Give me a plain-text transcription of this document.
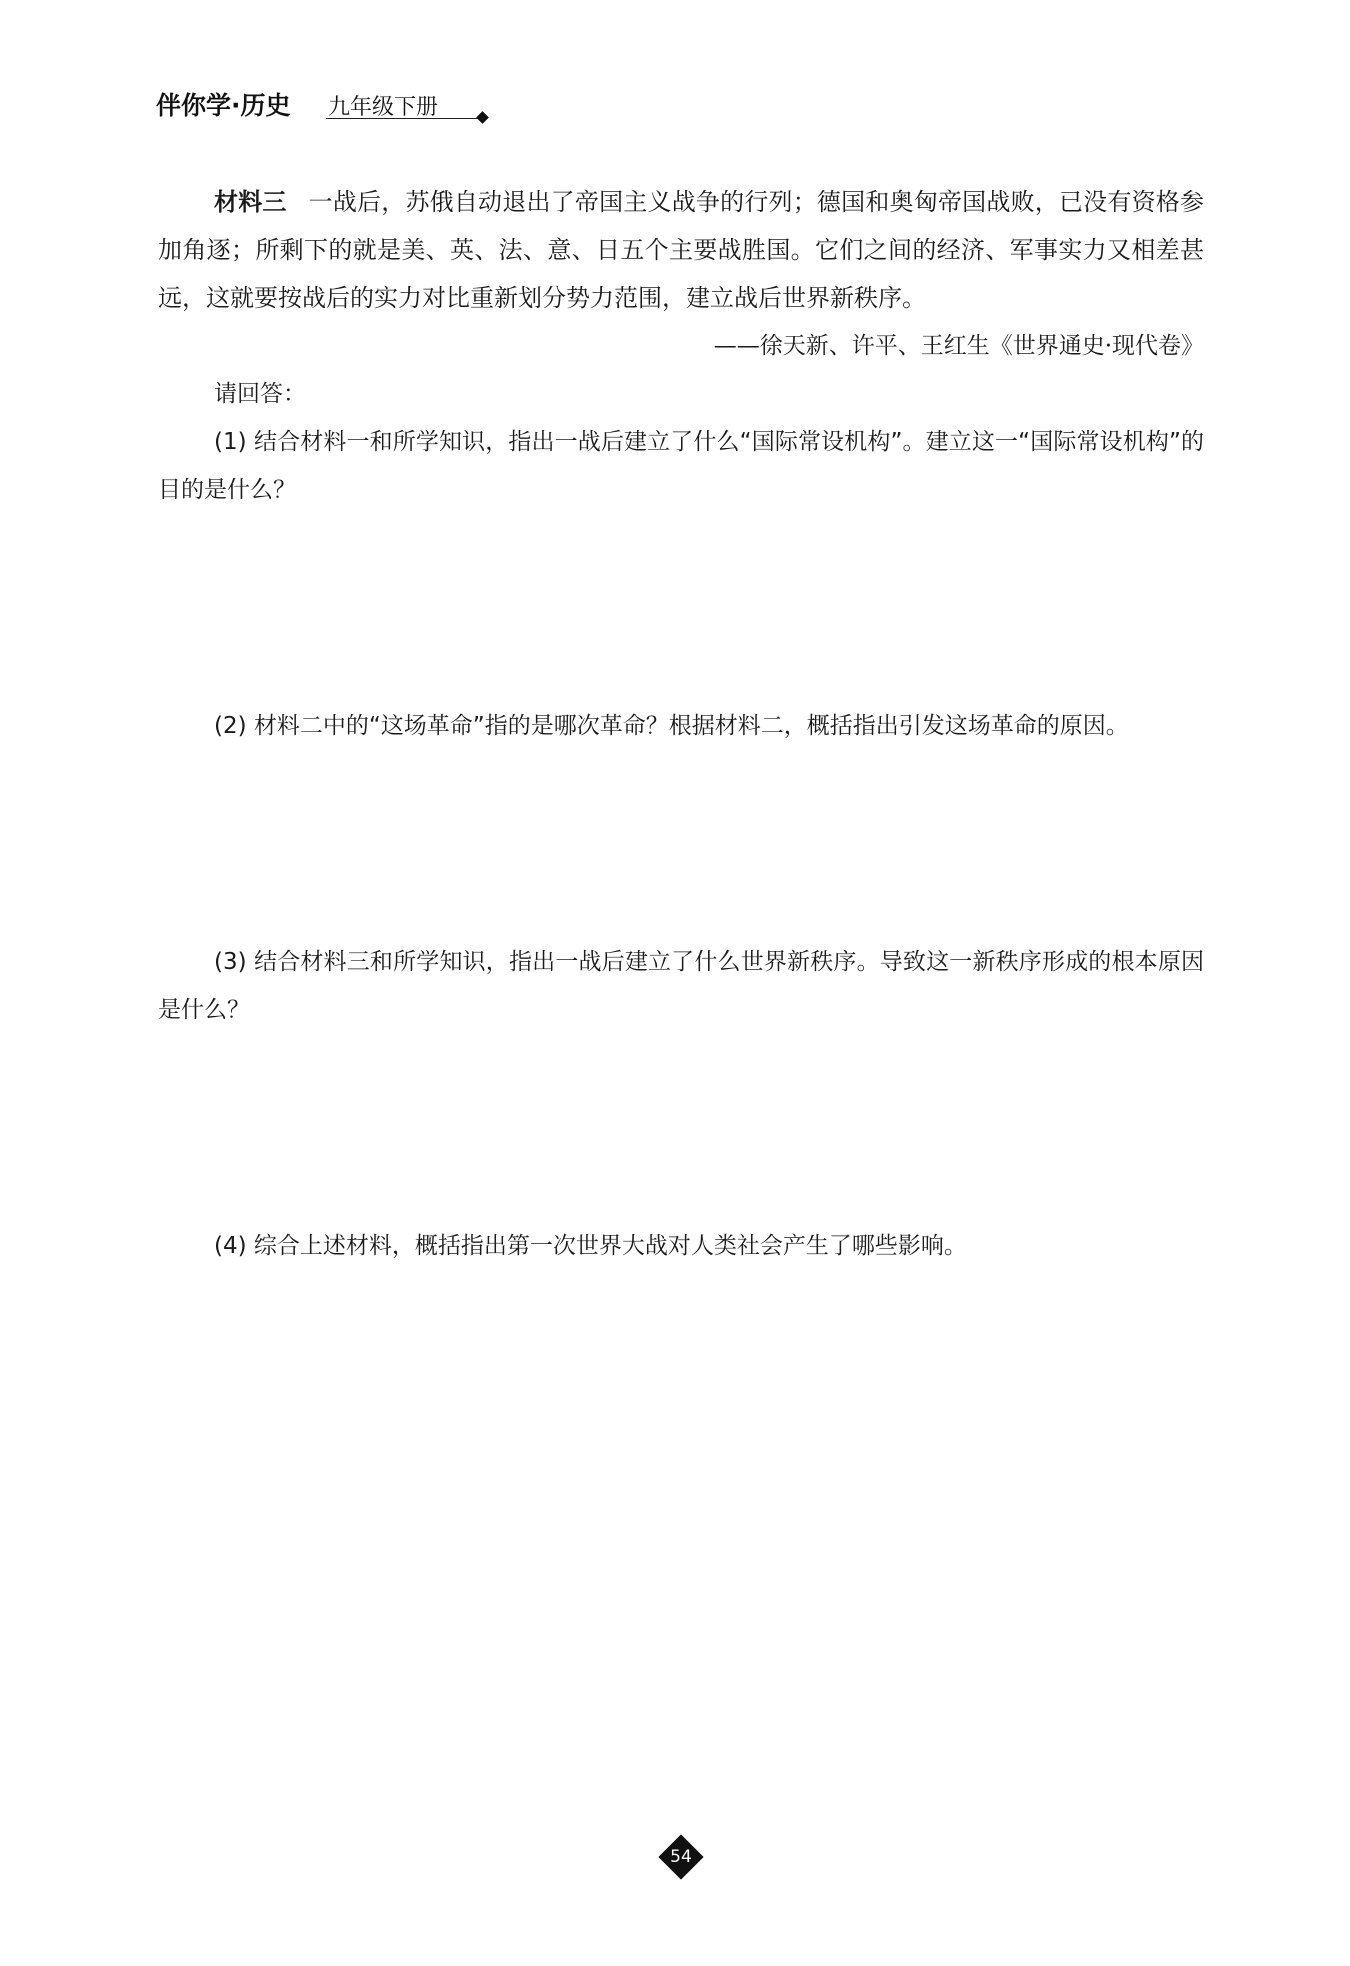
伴你学·历史 九年级下册

材料三 一战后，苏俄自动退出了帝国主义战争的行列；德国和奥匈帝国战败，已没有资格参加角逐；所剩下的就是美、英、法、意、日五个主要战胜国。它们之间的经济、军事实力又相差甚远，这就要按战后的实力对比重新划分势力范围，建立战后世界新秩序。

——徐天新、许平、王红生《世界通史·现代卷》

请回答：

(1) 结合材料一和所学知识，指出一战后建立了什么“国际常设机构”。建立这一“国际常设机构”的目的是什么？

(2) 材料二中的“这场革命”指的是哪次革命？根据材料二，概括指出引发这场革命的原因。

(3) 结合材料三和所学知识，指出一战后建立了什么世界新秩序。导致这一新秩序形成的根本原因是什么？

(4) 综合上述材料，概括指出第一次世界大战对人类社会产生了哪些影响。

54
